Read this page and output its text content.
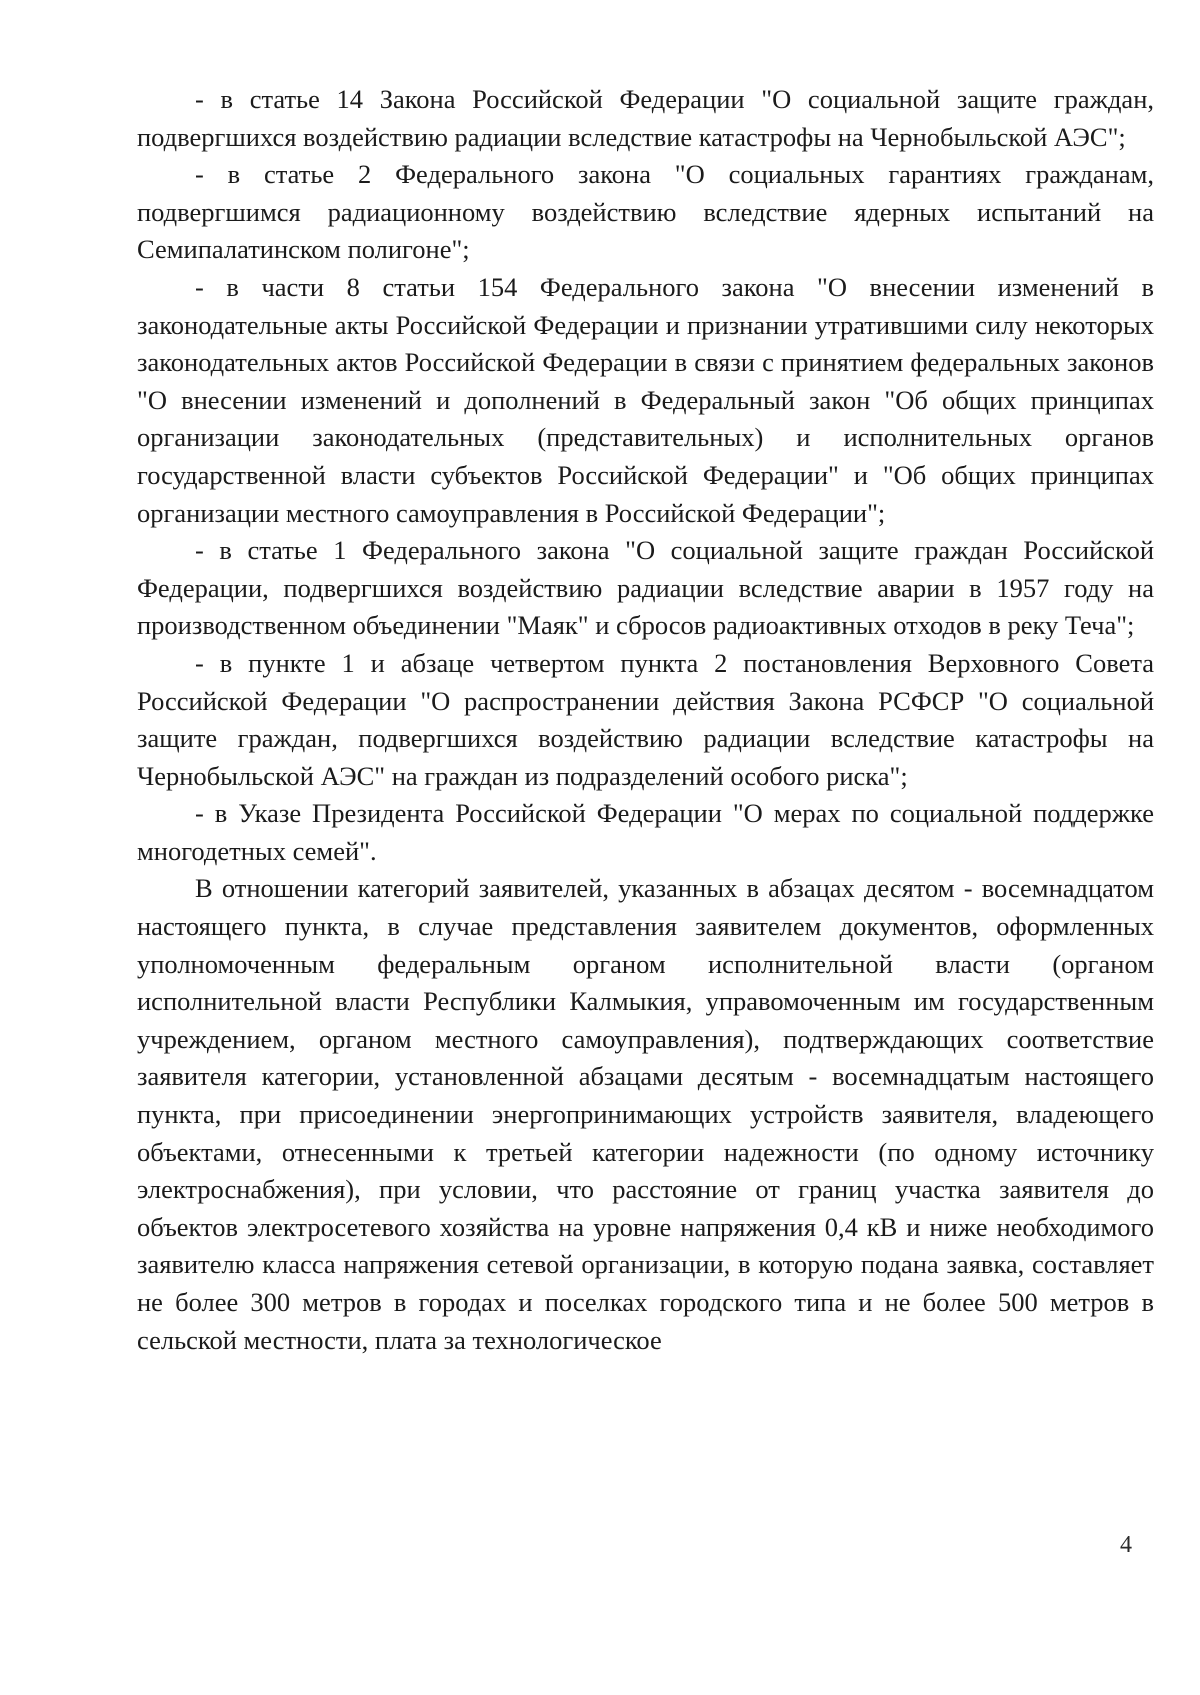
- в статье 14 Закона Российской Федерации "О социальной защите граждан, подвергшихся воздействию радиации вследствие катастрофы на Чернобыльской АЭС";

- в статье 2 Федерального закона "О социальных гарантиях гражданам, подвергшимся радиационному воздействию вследствие ядерных испытаний на Семипалатинском полигоне";

- в части 8 статьи 154 Федерального закона "О внесении изменений в законодательные акты Российской Федерации и признании утратившими силу некоторых законодательных актов Российской Федерации в связи с принятием федеральных законов "О внесении изменений и дополнений в Федеральный закон "Об общих принципах организации законодательных (представительных) и исполнительных органов государственной власти субъектов Российской Федерации" и "Об общих принципах организации местного самоуправления в Российской Федерации";

- в статье 1 Федерального закона "О социальной защите граждан Российской Федерации, подвергшихся воздействию радиации вследствие аварии в 1957 году на производственном объединении "Маяк" и сбросов радиоактивных отходов в реку Теча";

- в пункте 1 и абзаце четвертом пункта 2 постановления Верховного Совета Российской Федерации "О распространении действия Закона РСФСР "О социальной защите граждан, подвергшихся воздействию радиации вследствие катастрофы на Чернобыльской АЭС" на граждан из подразделений особого риска";

- в Указе Президента Российской Федерации "О мерах по социальной поддержке многодетных семей".

В отношении категорий заявителей, указанных в абзацах десятом - восемнадцатом настоящего пункта, в случае представления заявителем документов, оформленных уполномоченным федеральным органом исполнительной власти (органом исполнительной власти Республики Калмыкия, управомоченным им государственным учреждением, органом местного самоуправления), подтверждающих соответствие заявителя категории, установленной абзацами десятым - восемнадцатым настоящего пункта, при присоединении энергопринимающих устройств заявителя, владеющего объектами, отнесенными к третьей категории надежности (по одному источнику электроснабжения), при условии, что расстояние от границ участка заявителя до объектов электросетевого хозяйства на уровне напряжения 0,4 кВ и ниже необходимого заявителю класса напряжения сетевой организации, в которую подана заявка, составляет не более 300 метров в городах и поселках городского типа и не более 500 метров в сельской местности, плата за технологическое

4
